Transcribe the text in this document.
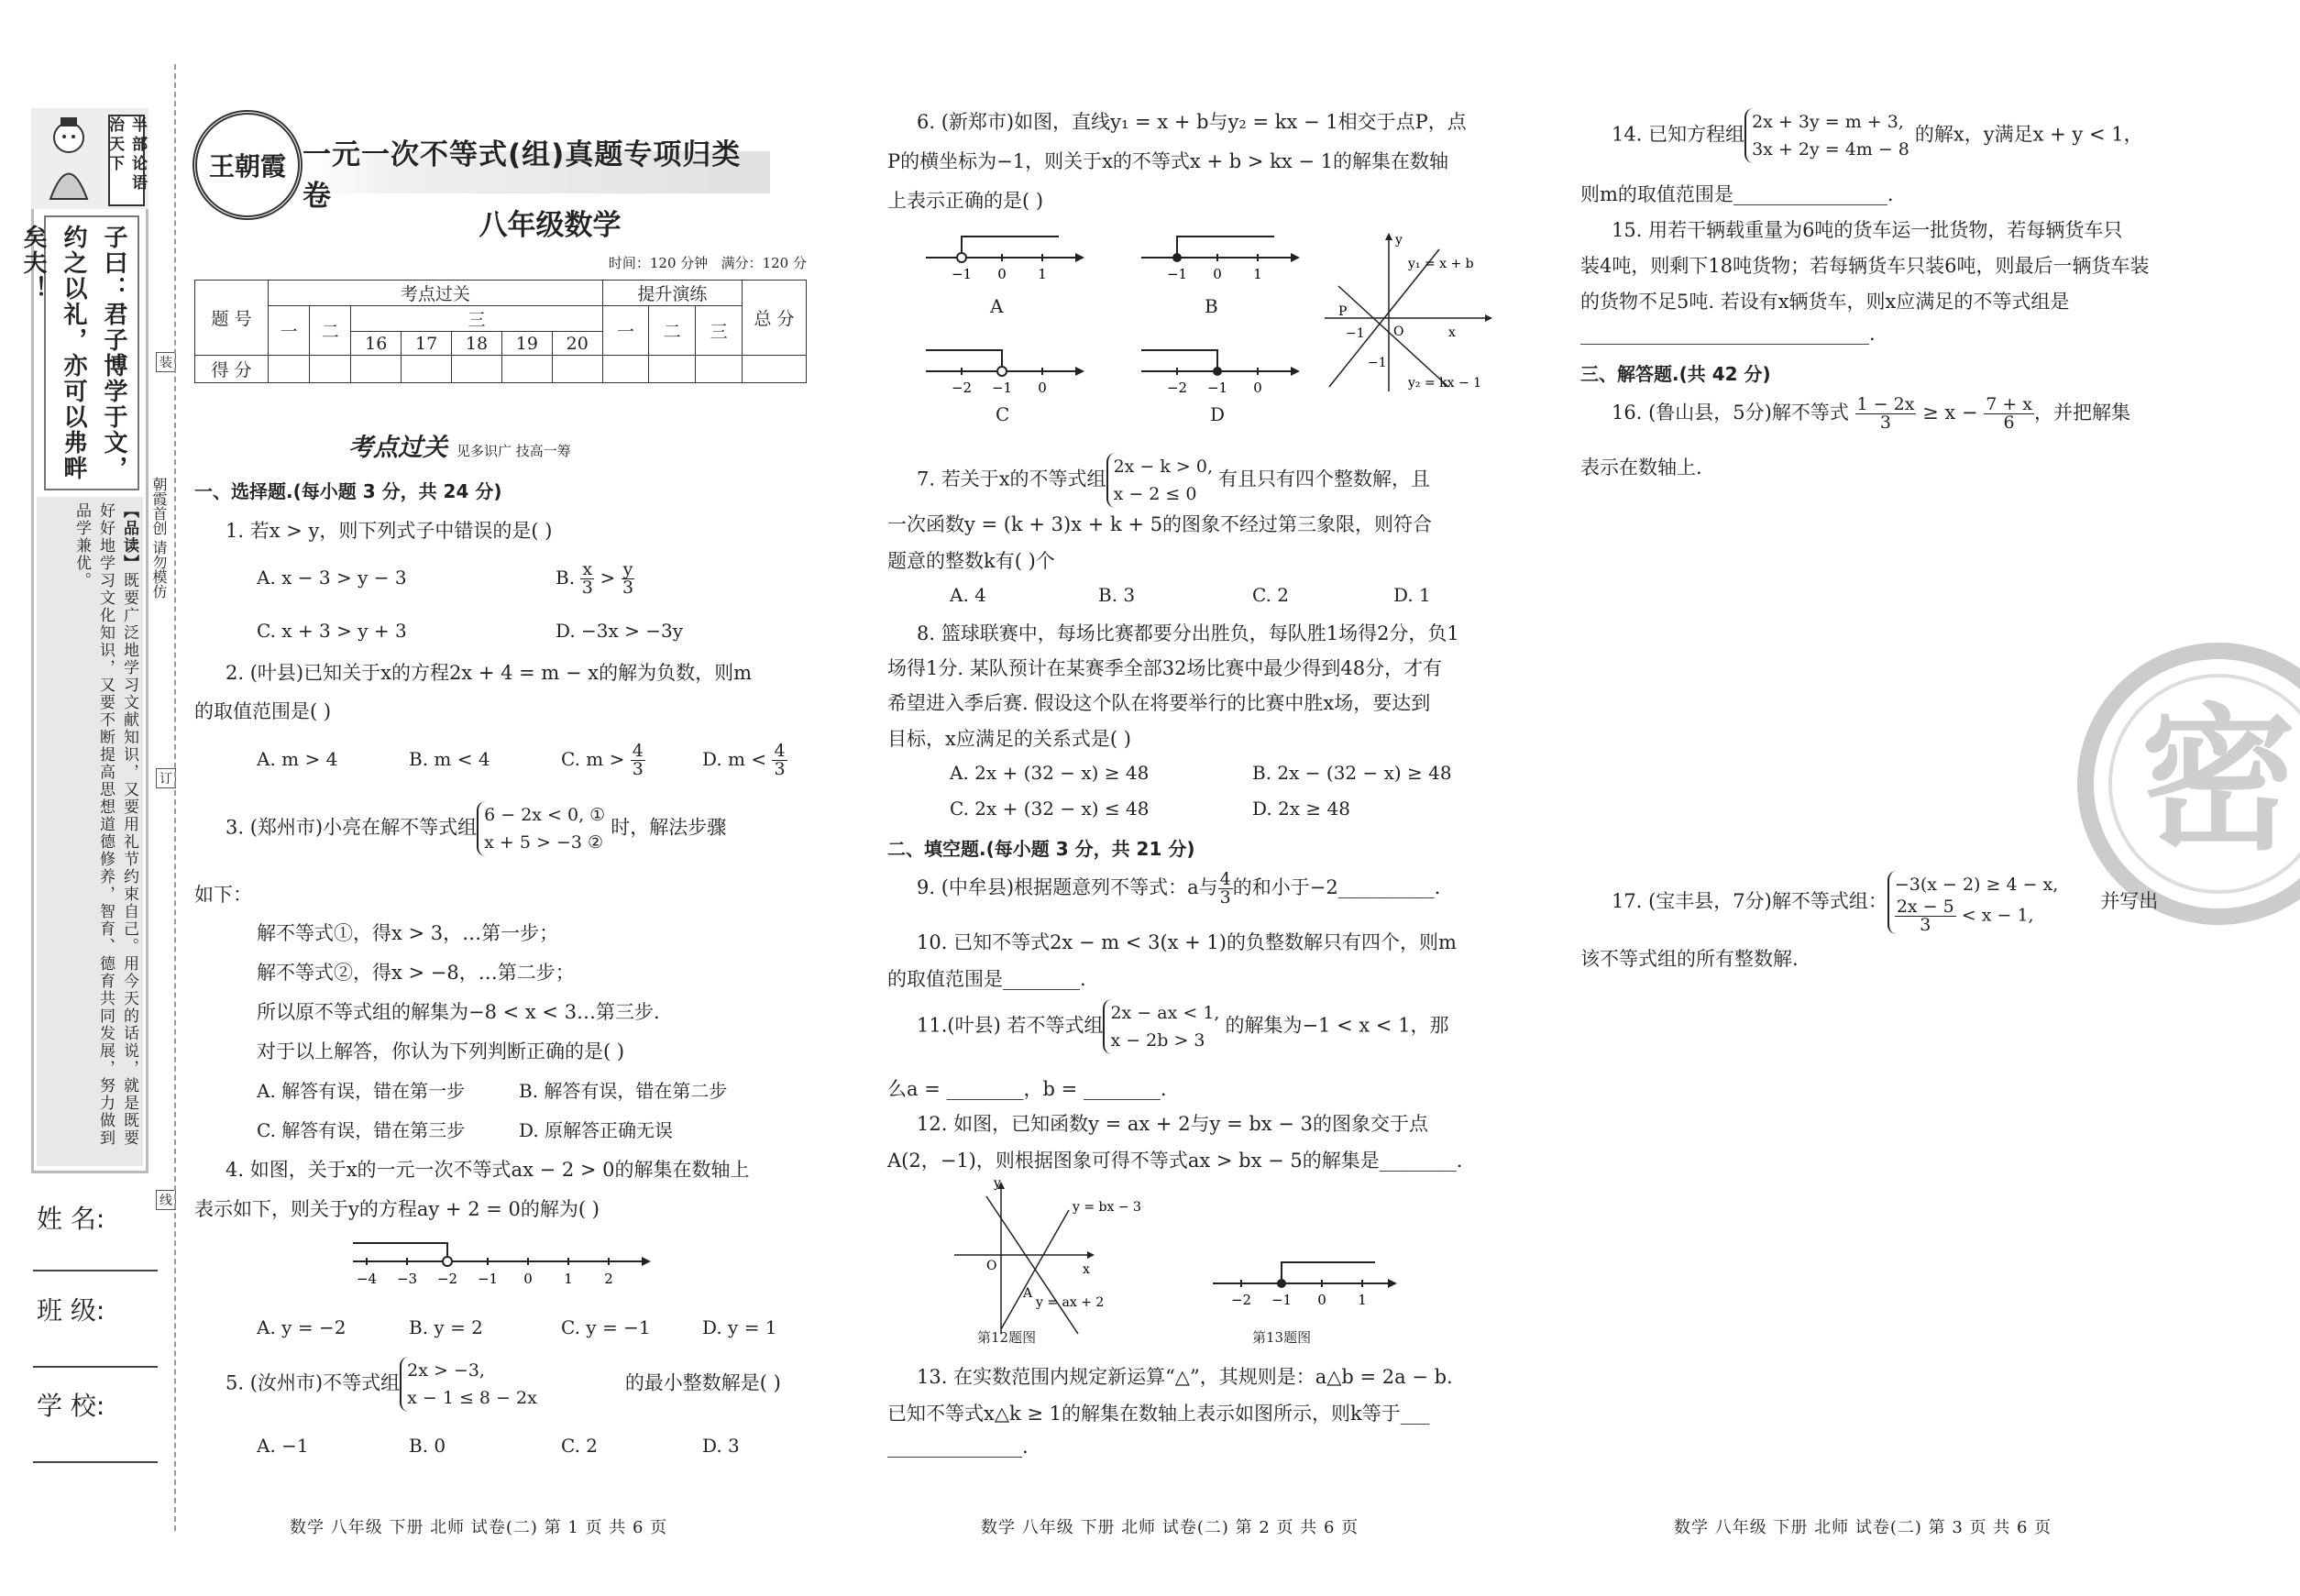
半部论语治天下
子曰：君子博学于文，约之以礼，亦可以弗畔矣夫！
【品读】既要广泛地学习文献知识，又要用礼节约束自己。用今天的话说，就是既要好好地学习文化知识，又要不断提高思想道德修养，智育、德育共同发展，努力做到品学兼优。	朝霞首创 请勿模仿
装
订
线
姓 名:
班 级:
学 校:
王朝霞 一元一次不等式(组)真题专项归类卷
八年级数学
时间：120 分钟 满分：120 分
题 号	考点过关							提升演练			总 分
	一	二	三					一	二	三	
			16	17	18	19	20				
得 分											
考点过关 见多识广 技高一筹
一、选择题.(每小题 3 分，共 24 分)
1. 若x > y，则下列式子中错误的是( )
A. x − 3 > y − 3	B. $\frac{x}{3} > \frac{y}{3}$
C. x + 3 > y + 3	D. −3x > −3y
2. (叶县)已知关于x的方程2x + 4 = m − x的解为负数，则m
的取值范围是( )
A. m > 4	B. m < 4	C. $m > \frac{4}{3}$	D. $m < \frac{4}{3}$
3. (郑州市)小亮在解不等式组6 − 2x < 0, ①
x + 5 > −3 ②时，解法步骤
如下：
解不等式①，得x > 3，…第一步；
解不等式②，得x > −8，…第二步；
所以原不等式组的解集为−8 < x < 3…第三步.
对于以上解答，你认为下列判断正确的是( )
A. 解答有误，错在第一步	B. 解答有误，错在第二步
C. 解答有误，错在第三步	D. 原解答正确无误
4. 如图，关于x的一元一次不等式ax − 2 > 0的解集在数轴上
表示如下，则关于y的方程ay + 2 = 0的解为( )
−4 −3 −2 −1 0 1 2
A. y = −2	B. y = 2	C. y = −1	D. y = 1
5. (汝州市)不等式组2x > −3,
x − 1 ≤ 8 − 2x的最小整数解是( )
A. −1	B. 0	C. 2	D. 3
数学 八年级 下册 北师 试卷(二) 第 1 页 共 6 页
6. (新郑市)如图，直线y₁ = x + b与y₂ = kx − 1相交于点P，点
P的横坐标为−1，则关于x的不等式x + b > kx − 1的解集在数轴
上表示正确的是( )
−1 0 1
A
−1 0 1
B
−2 −1 0
C
−2 −1 0
D
y
x
O
P
−1
−1
y₁ = x + b
y₂ = kx − 1
7. 若关于x的不等式组2x − k > 0,
x − 2 ≤ 0有且只有四个整数解，且
一次函数y = (k + 3)x + k + 5的图象不经过第三象限，则符合
题意的整数k有( )个
A. 4	B. 3	C. 2	D. 1
8. 篮球联赛中，每场比赛都要分出胜负，每队胜1场得2分，负1
场得1分. 某队预计在某赛季全部32场比赛中最少得到48分，才有
希望进入季后赛. 假设这个队在将要举行的比赛中胜x场，要达到
目标，x应满足的关系式是( )
A. 2x + (32 − x) ≥ 48	B. 2x − (32 − x) ≥ 48
C. 2x + (32 − x) ≤ 48	D. 2x ≥ 48
二、填空题.(每小题 3 分，共 21 分)
9. (中牟县)根据题意列不等式：a与 $\frac{4}{3}$ 的和小于−2__________.
10. 已知不等式2x − m < 3(x + 1)的负整数解只有四个，则m
的取值范围是________.
11.(叶县) 若不等式组2x − ax < 1,
x − 2b > 3的解集为−1 < x < 1，那
么a = ________，b = ________.
12. 如图，已知函数y = ax + 2与y = bx − 3的图象交于点
A(2，−1)，则根据图象可得不等式ax > bx − 5的解集是________.
y
x
O
A
y = bx − 3
y = ax + 2
第12题图
−2 −1 0 1
第13题图
13. 在实数范围内规定新运算“△”，其规则是：a△b = 2a − b.
已知不等式x△k ≥ 1的解集在数轴上表示如图所示，则k等于___
______________.
数学 八年级 下册 北师 试卷(二) 第 2 页 共 6 页
14. 已知方程组2x + 3y = m + 3,
3x + 2y = 4m − 8的解x，y满足x + y < 1，
则m的取值范围是________________.
15. 用若干辆载重量为6吨的货车运一批货物，若每辆货车只
装4吨，则剩下18吨货物；若每辆货车只装6吨，则最后一辆货车装
的货物不足5吨. 若设有x辆货车，则x应满足的不等式组是
______________________________.
三、解答题.(共 42 分)
16. (鲁山县，5分)解不等式 $\frac{1 - 2x}{3} \ge x - \frac{7 + x}{6}$ ，并把解集
表示在数轴上.
密
17. (宝丰县，7分)解不等式组：−3(x − 2) ≥ 4 − x,

$\frac{2x - 5}{3} < x - 1$,并写出
该不等式组的所有整数解.
数学 八年级 下册 北师 试卷(二) 第 3 页 共 6 页
